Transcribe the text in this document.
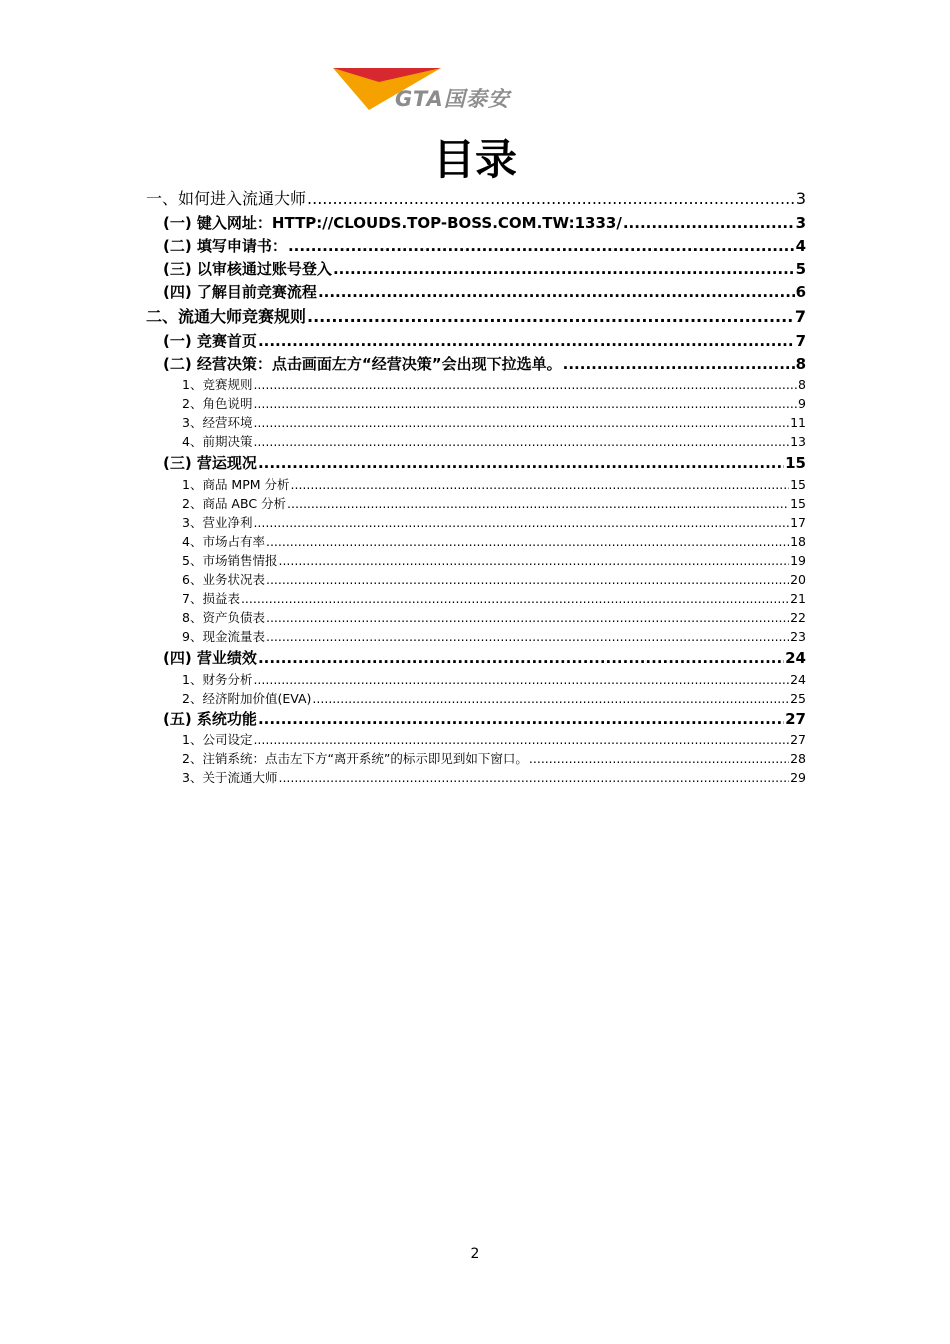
GTA国泰安
目录
一、如何进入流通大师 .....	3
(一) 键入网址：HTTP://CLOUDS.TOP-BOSS.COM.TW:1333/ .....	3
(二) 填写申请书： .....	4
(三) 以审核通过账号登入 .....	5
(四) 了解目前竞赛流程 .....	6
二、流通大师竞赛规则 .....	7
(一) 竞赛首页 .....	7
(二) 经营决策：点击画面左方“经营决策”会出现下拉选单。 .....	8
1、竞赛规则 .....	8
2、角色说明 .....	9
3、经营环境 .....	11
4、前期决策 .....	13
(三) 营运现况 .....	15
1、商品 MPM 分析 .....	15
2、商品 ABC 分析 .....	15
3、营业净利 .....	17
4、市场占有率 .....	18
5、市场销售情报 .....	19
6、业务状况表 .....	20
7、损益表 .....	21
8、资产负债表 .....	22
9、现金流量表 .....	23
(四) 营业绩效 .....	24
1、财务分析 .....	24
2、经济附加价值(EVA) .....	25
(五) 系统功能 .....	27
1、公司设定 .....	27
2、注销系统：点击左下方“离开系统”的标示即见到如下窗口。 .....	28
3、关于流通大师 .....	29
2
